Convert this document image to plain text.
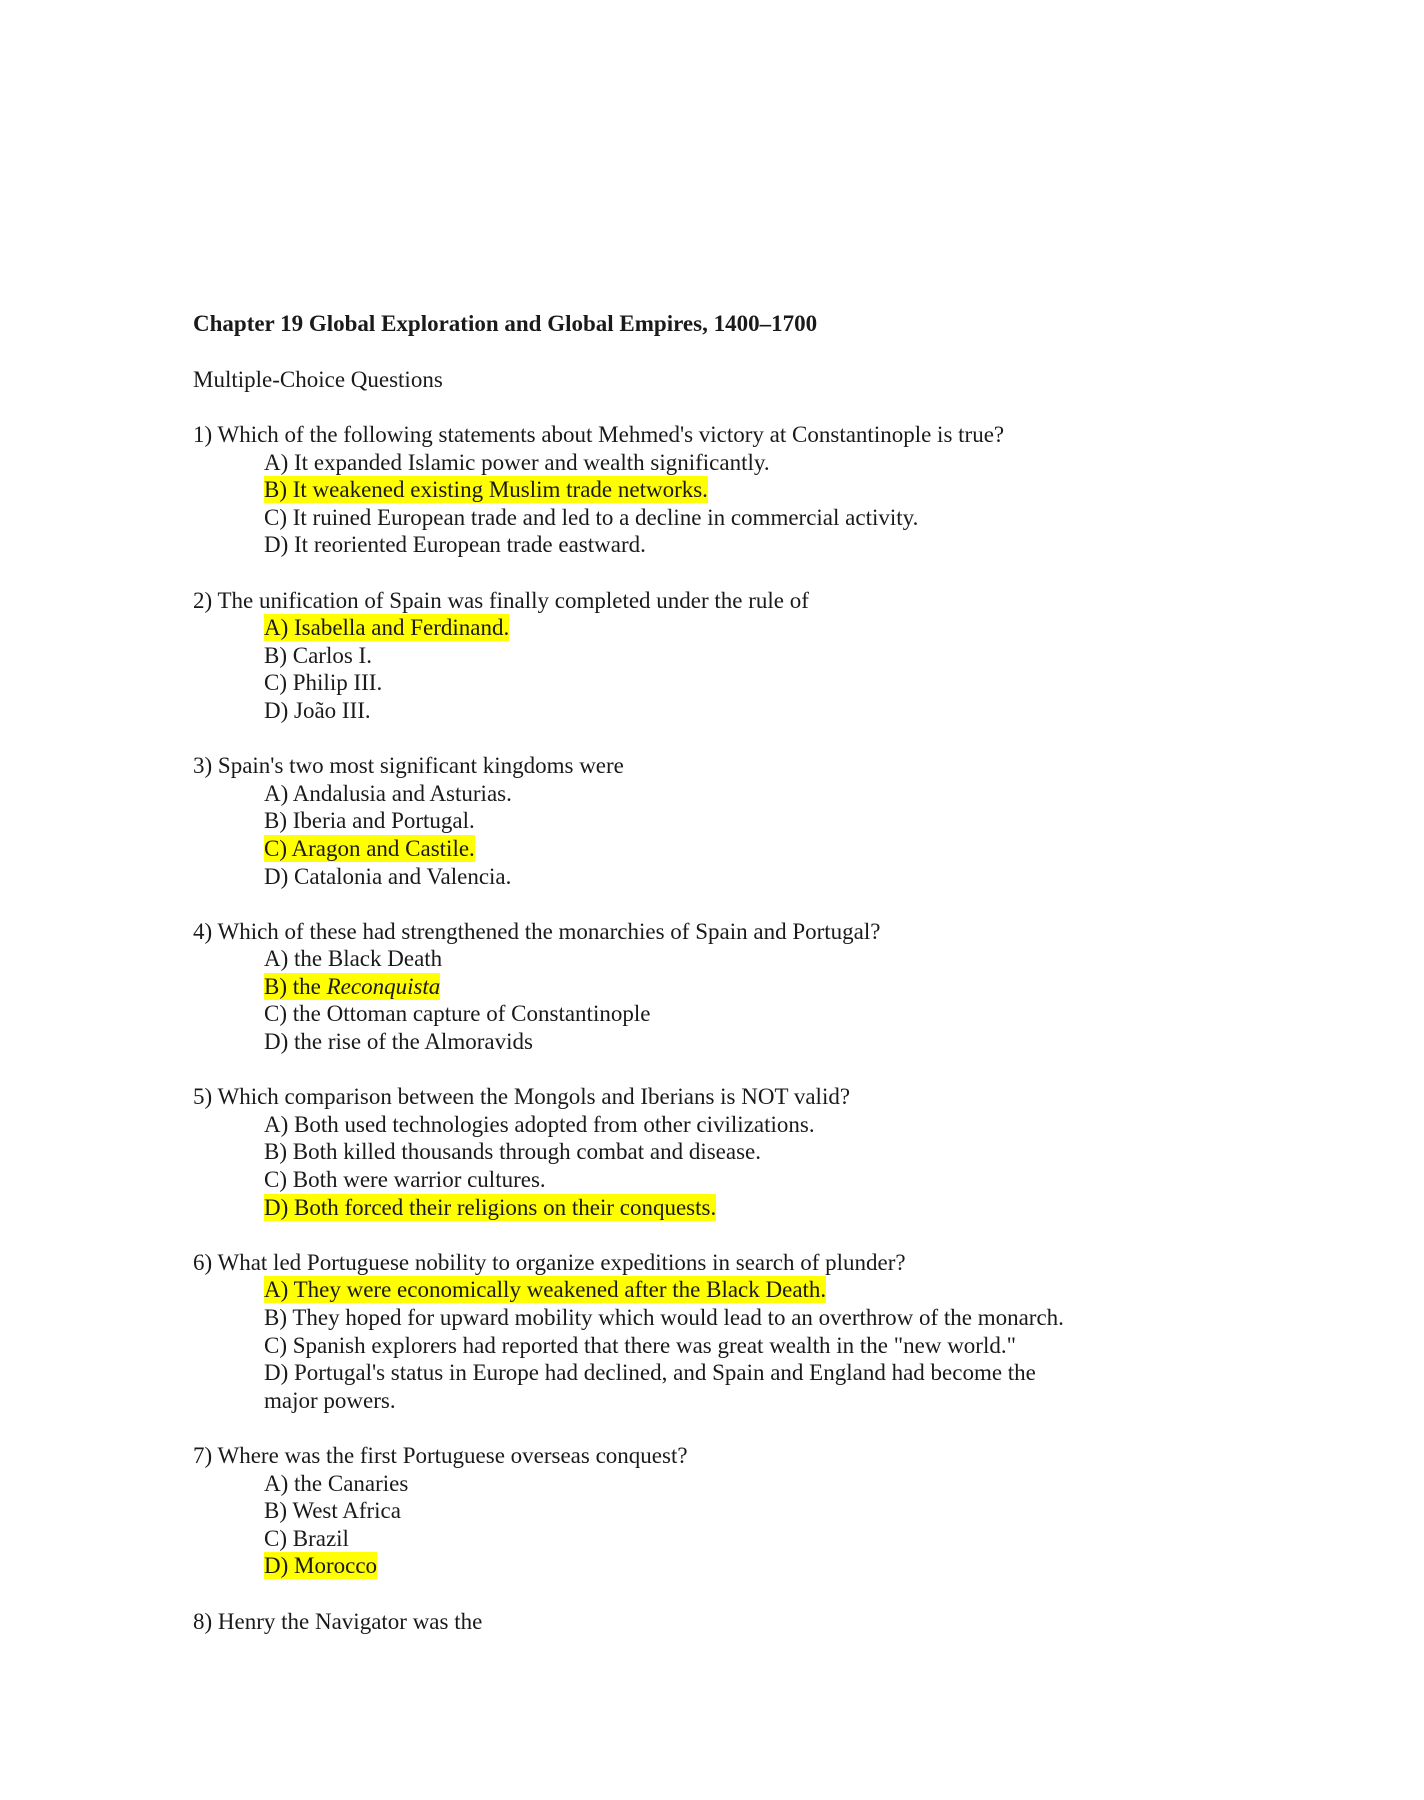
Chapter 19 Global Exploration and Global Empires, 1400‒1700
Multiple-Choice Questions
1) Which of the following statements about Mehmed's victory at Constantinople is true?
A) It expanded Islamic power and wealth significantly.
B) It weakened existing Muslim trade networks.
C) It ruined European trade and led to a decline in commercial activity.
D) It reoriented European trade eastward.
2) The unification of Spain was finally completed under the rule of
A) Isabella and Ferdinand.
B) Carlos I.
C) Philip III.
D) João III.
3) Spain's two most significant kingdoms were
A) Andalusia and Asturias.
B) Iberia and Portugal.
C) Aragon and Castile.
D) Catalonia and Valencia.
4) Which of these had strengthened the monarchies of Spain and Portugal?
A) the Black Death
B) the Reconquista
C) the Ottoman capture of Constantinople
D) the rise of the Almoravids
5) Which comparison between the Mongols and Iberians is NOT valid?
A) Both used technologies adopted from other civilizations.
B) Both killed thousands through combat and disease.
C) Both were warrior cultures.
D) Both forced their religions on their conquests.
6) What led Portuguese nobility to organize expeditions in search of plunder?
A) They were economically weakened after the Black Death.
B) They hoped for upward mobility which would lead to an overthrow of the monarch.
C) Spanish explorers had reported that there was great wealth in the "new world."
D) Portugal's status in Europe had declined, and Spain and England had become the major powers.
7) Where was the first Portuguese overseas conquest?
A) the Canaries
B) West Africa
C) Brazil
D) Morocco
8) Henry the Navigator was the
